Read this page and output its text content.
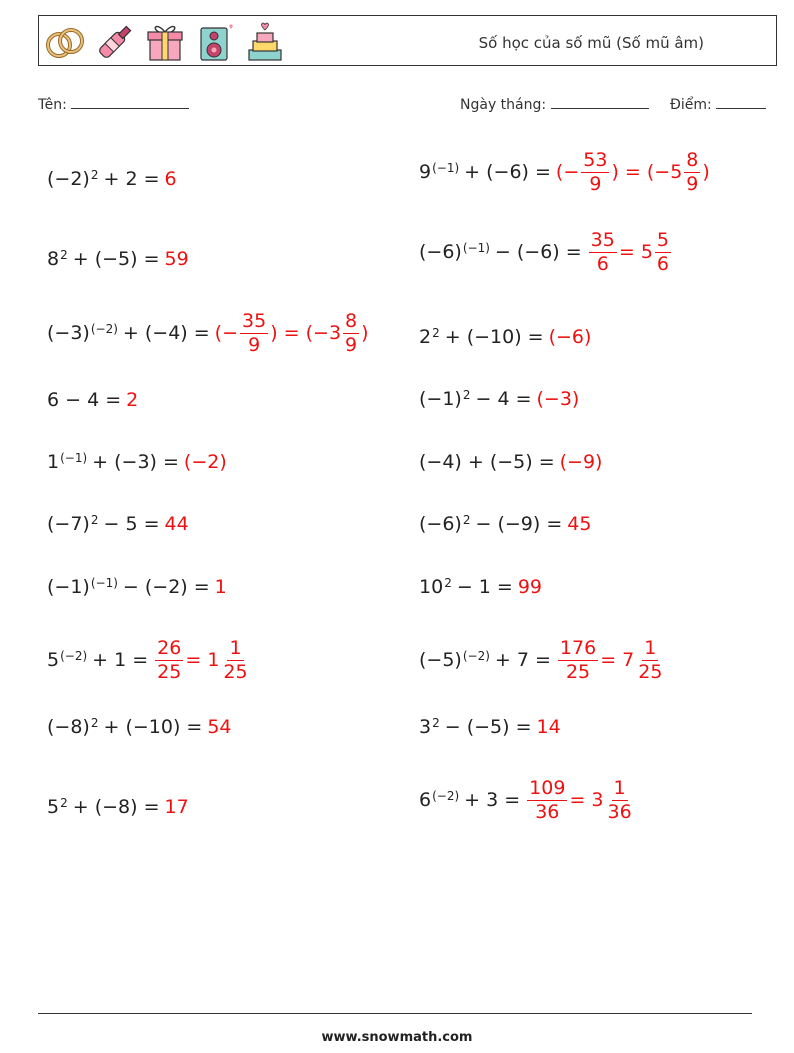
Số học của số mũ (Số mũ âm)
Tên:	Ngày tháng:	Điểm:
$(-2)^2 + 2 = 6$
$8^2 + (-5) = 59$
$(-3)^{(-2)} + (-4)$ = (− $\frac{35}{9}$ ) = ($-3 \frac{8}{9}$ )
6 − 4 = 2
$1^{(-1)} + (-3) = (-2)$
$(-7)^2 - 5 = 44$
$(-1)^{(-1)} - (-2) = 1$
$5^{(-2)} + 1 = \frac{26}{25} = 1 \frac{1}{25}$
$(-8)^2 + (-10) = 54$
$5^2 + (-8) = 17$
$9^{(-1)} + (-6)$ = (− $\frac{53}{9}$ ) = ($-5 \frac{8}{9}$ )
$(-6)^{(-1)} - (-6) = \frac{35}{6} = 5 \frac{5}{6}$
$2^2 + (-10) = (-6)$
$(-1)^2 - 4 = (-3)$
(−4) + (−5) = (−9)
$(-6)^2 - (-9) = 45$
$10^2 - 1 = 99$
$(-5)^{(-2)} + 7 = \frac{176}{25} = 7 \frac{1}{25}$
$3^2 - (-5) = 14$
$6^{(-2)} + 3 = \frac{109}{36} = 3 \frac{1}{36}$
www.snowmath.com
